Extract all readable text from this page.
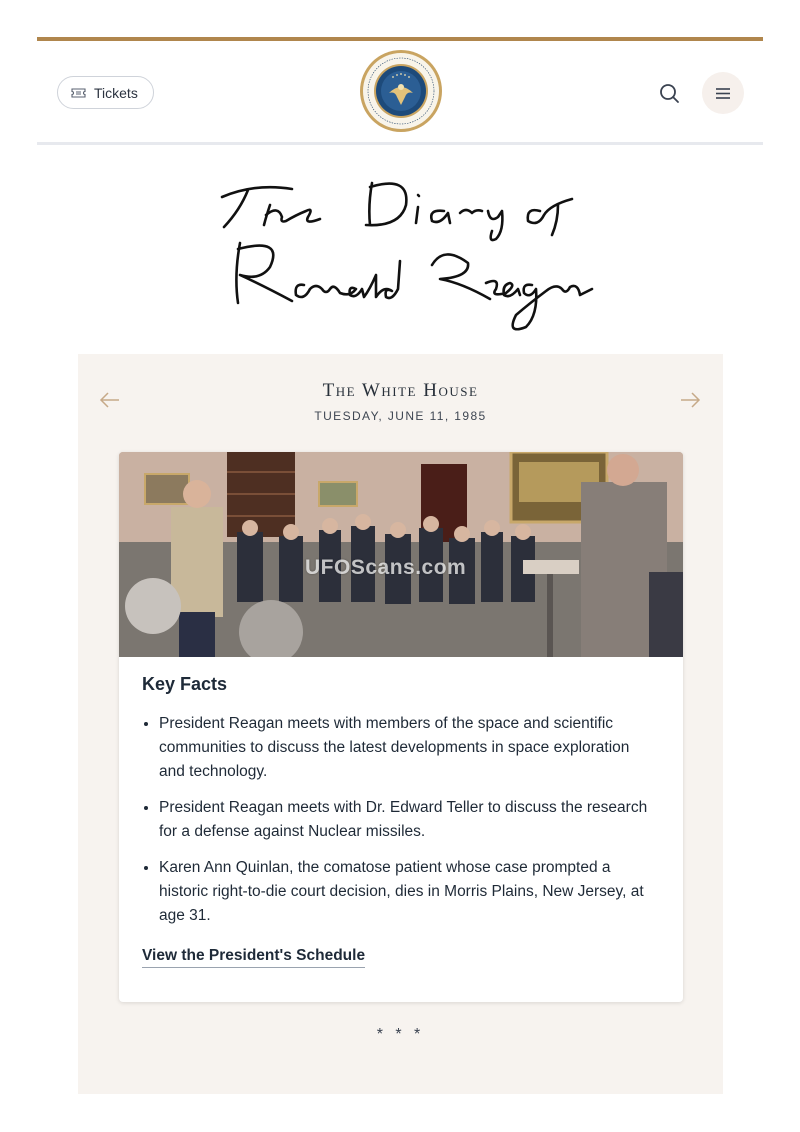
Tickets
The White House
TUESDAY, JUNE 11, 1985
UFOScans.com
Key Facts
• President Reagan meets with members of the space and scientific communities to discuss the latest developments in space exploration and technology.
• President Reagan meets with Dr. Edward Teller to discuss the research for a defense against Nuclear missiles.
• Karen Ann Quinlan, the comatose patient whose case prompted a historic right-to-die court decision, dies in Morris Plains, New Jersey, at age 31.
View the President's Schedule
* * *
